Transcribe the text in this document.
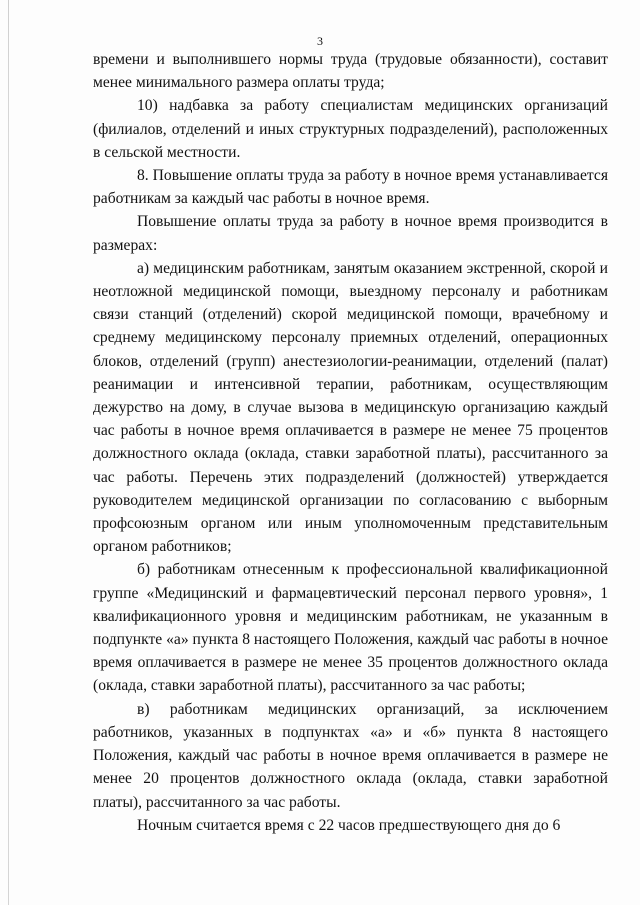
3

времени и выполнившего нормы труда (трудовые обязанности), составит менее минимального размера оплаты труда;

10) надбавка за работу специалистам медицинских организаций (филиалов, отделений и иных структурных подразделений), расположенных в сельской местности.

8. Повышение оплаты труда за работу в ночное время устанавливается работникам за каждый час работы в ночное время.

Повышение оплаты труда за работу в ночное время производится в размерах:

а) медицинским работникам, занятым оказанием экстренной, скорой и неотложной медицинской помощи, выездному персоналу и работникам связи станций (отделений) скорой медицинской помощи, врачебному и среднему медицинскому персоналу приемных отделений, операционных блоков, отделений (групп) анестезиологии-реанимации, отделений (палат) реанимации и интенсивной терапии, работникам, осуществляющим дежурство на дому, в случае вызова в медицинскую организацию каждый час работы в ночное время оплачивается в размере не менее 75 процентов должностного оклада (оклада, ставки заработной платы), рассчитанного за час работы. Перечень этих подразделений (должностей) утверждается руководителем медицинской организации по согласованию с выборным профсоюзным органом или иным уполномоченным представительным органом работников;

б) работникам отнесенным к профессиональной квалификационной группе «Медицинский и фармацевтический персонал первого уровня», 1 квалификационного уровня и медицинским работникам, не указанным в подпункте «а» пункта 8 настоящего Положения, каждый час работы в ночное время оплачивается в размере не менее 35 процентов должностного оклада (оклада, ставки заработной платы), рассчитанного за час работы;

в) работникам медицинских организаций, за исключением работников, указанных в подпунктах «а» и «б» пункта 8 настоящего Положения, каждый час работы в ночное время оплачивается в размере не менее 20 процентов должностного оклада (оклада, ставки заработной платы), рассчитанного за час работы.

Ночным считается время с 22 часов предшествующего дня до 6
